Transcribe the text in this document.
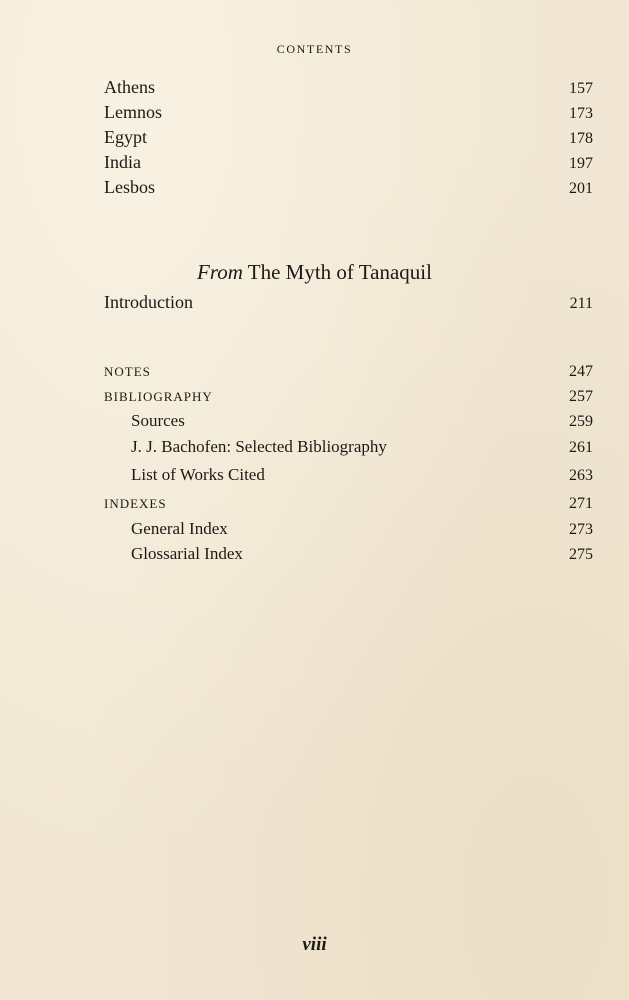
CONTENTS
Athens	157
Lemnos	173
Egypt	178
India	197
Lesbos	201
From The Myth of Tanaquil
Introduction	211
NOTES	247
BIBLIOGRAPHY	257
Sources	259
J. J. Bachofen: Selected Bibliography	261
List of Works Cited	263
INDEXES	271
General Index	273
Glossarial Index	275
viii
